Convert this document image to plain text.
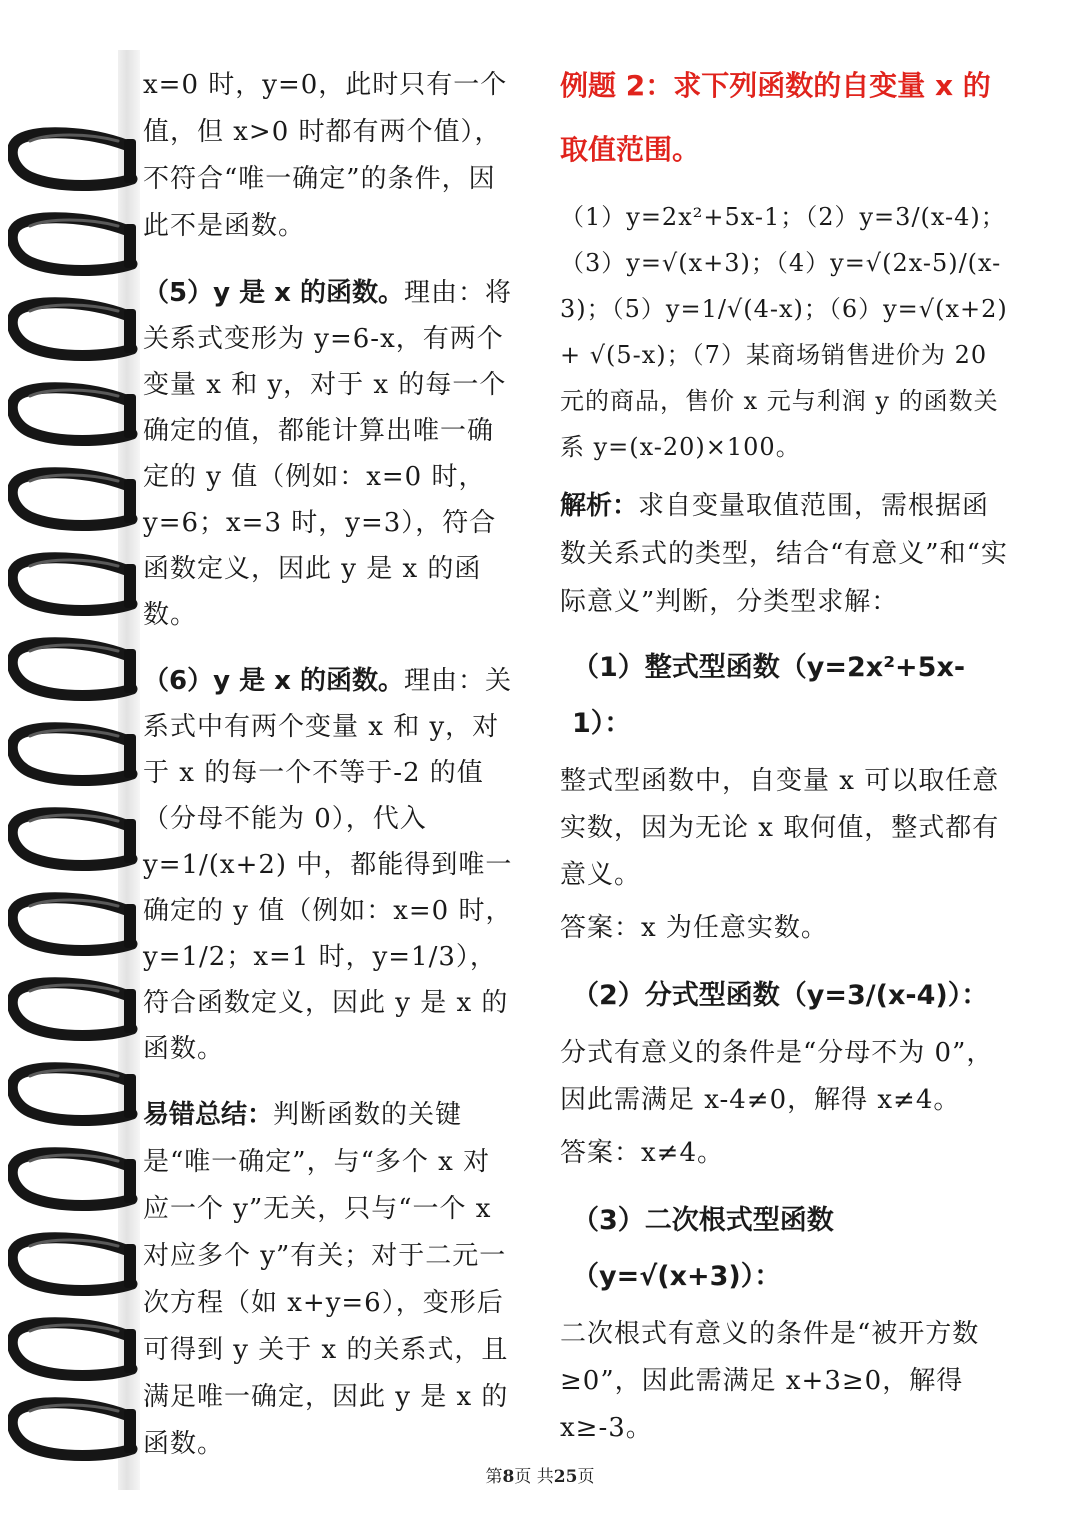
x=0 时，y=0，此时只有一个值，但 x>0 时都有两个值），不符合“唯一确定”的条件，因此不是函数。

（5）y 是 x 的函数。理由：将关系式变形为 y=6-x，有两个变量 x 和 y，对于 x 的每一个确定的值，都能计算出唯一确定的 y 值（例如：x=0 时，y=6；x=3 时，y=3），符合函数定义，因此 y 是 x 的函数。

（6）y 是 x 的函数。理由：关系式中有两个变量 x 和 y，对于 x 的每一个不等于-2 的值（分母不能为 0），代入 y=1/(x+2) 中，都能得到唯一确定的 y 值（例如：x=0 时，y=1/2；x=1 时，y=1/3），符合函数定义，因此 y 是 x 的函数。

易错总结：判断函数的关键是“唯一确定”，与“多个 x 对应一个 y”无关，只与“一个 x 对应多个 y”有关；对于二元一次方程（如 x+y=6），变形后可得到 y 关于 x 的关系式，且满足唯一确定，因此 y 是 x 的函数。

例题 2：求下列函数的自变量 x 的取值范围。

（1）y=2x²+5x-1；（2）y=3/(x-4)；（3）y=√(x+3)；（4）y=√(2x-5)/(x-3)；（5）y=1/√(4-x)；（6）y=√(x+2) + √(5-x)；（7）某商场销售进价为 20 元的商品，售价 x 元与利润 y 的函数关系 y=(x-20)×100。

解析：求自变量取值范围，需根据函数关系式的类型，结合“有意义”和“实际意义”判断，分类型求解：

（1）整式型函数（y=2x²+5x-1）：

整式型函数中，自变量 x 可以取任意实数，因为无论 x 取何值，整式都有意义。

答案：x 为任意实数。

（2）分式型函数（y=3/(x-4)）：

分式有意义的条件是“分母不为 0”，因此需满足 x-4≠0，解得 x≠4。

答案：x≠4。

（3）二次根式型函数（y=√(x+3)）：

二次根式有意义的条件是“被开方数≥0”，因此需满足 x+3≥0，解得 x≥-3。

第8页 共25页
